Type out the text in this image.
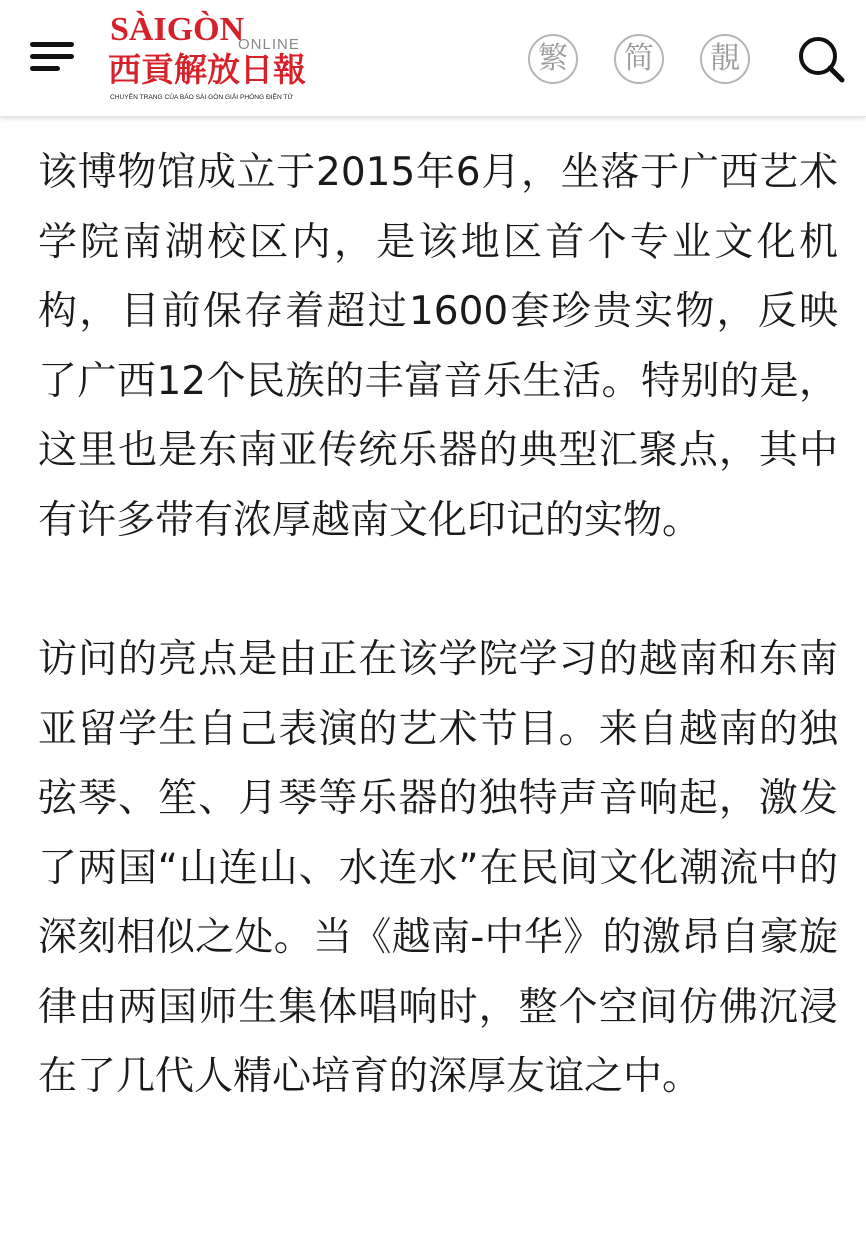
SÀIGÒN
ONLINE
西貢解放日報
CHUYÊN TRANG CỦA BÁO SÀI GÒN GIẢI PHÓNG ĐIỆN TỬ
繁	简	靚

该博物馆成立于2015年6月，坐落于广西艺术学院南湖校区内，是该地区首个专业文化机构，目前保存着超过1600套珍贵实物，反映了广西12个民族的丰富音乐生活。特别的是，这里也是东南亚传统乐器的典型汇聚点，其中有许多带有浓厚越南文化印记的实物。

访问的亮点是由正在该学院学习的越南和东南亚留学生自己表演的艺术节目。来自越南的独弦琴、笙、月琴等乐器的独特声音响起，激发了两国“山连山、水连水”在民间文化潮流中的深刻相似之处。当《越南-中华》的激昂自豪旋律由两国师生集体唱响时，整个空间仿佛沉浸在了几代人精心培育的深厚友谊之中。
